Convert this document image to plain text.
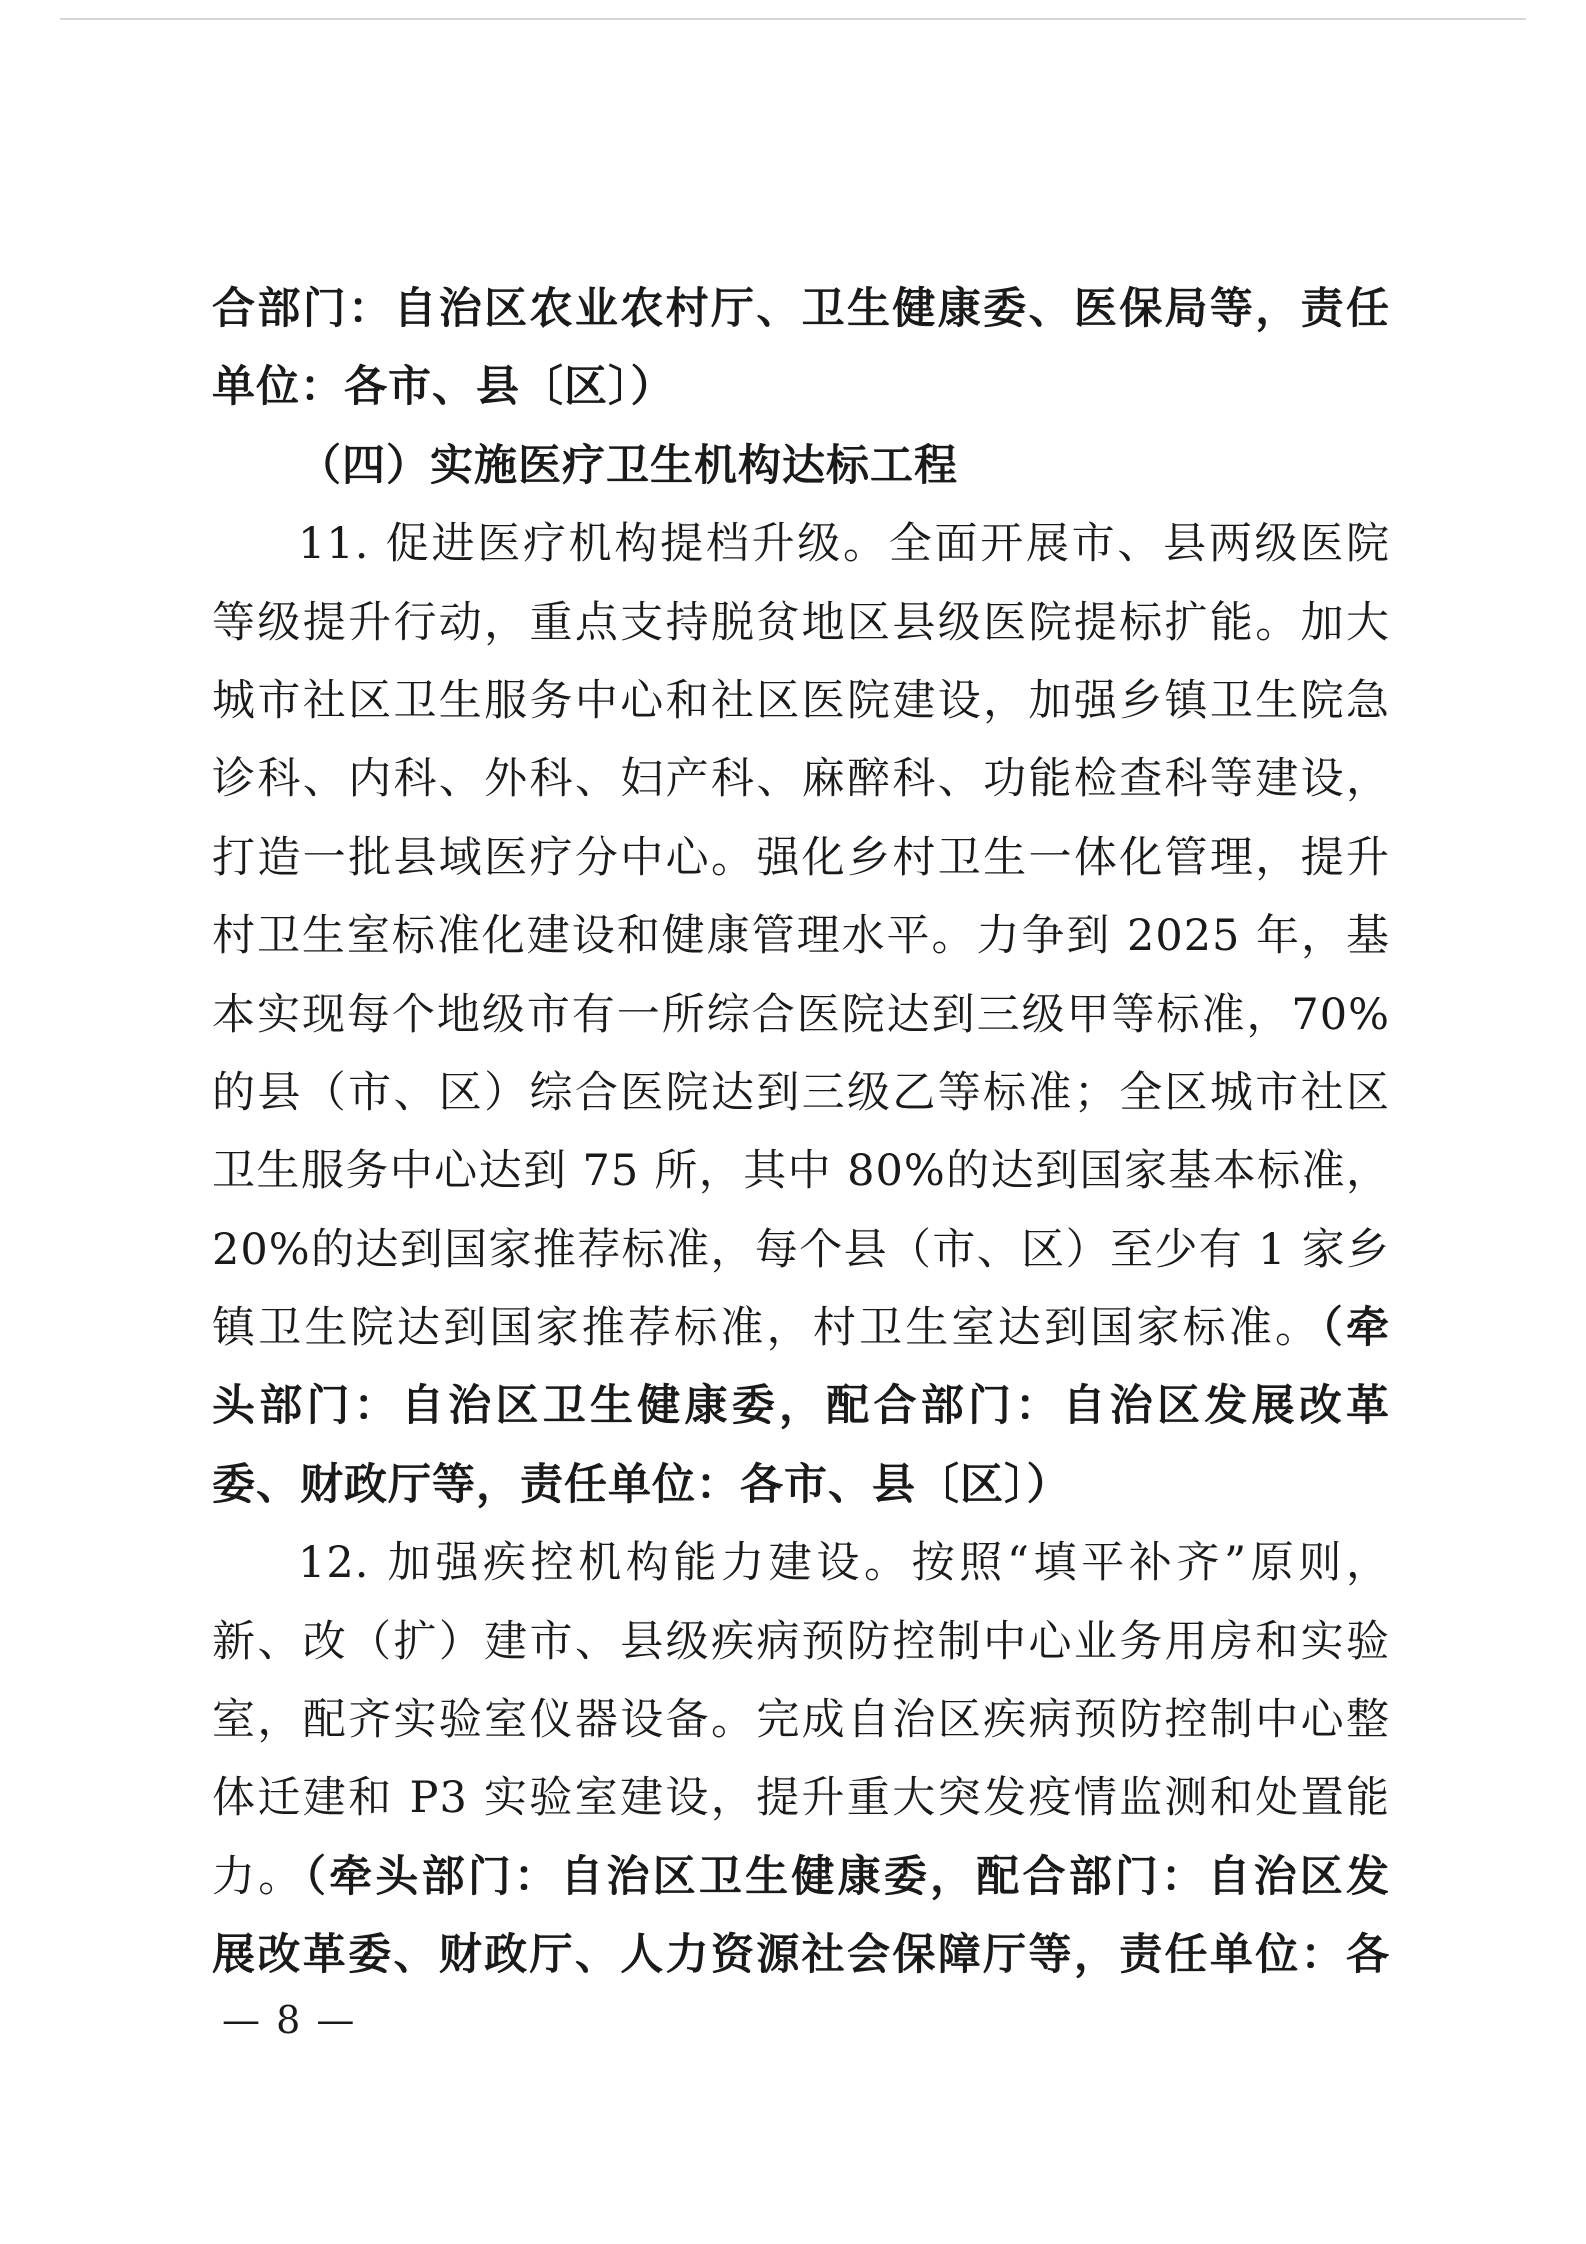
合部门：自治区农业农村厅、卫生健康委、医保局等，责任
单位：各市、县〔区〕）
（四）实施医疗卫生机构达标工程
11. 促进医疗机构提档升级。全面开展市、县两级医院
等级提升行动，重点支持脱贫地区县级医院提标扩能。加大
城市社区卫生服务中心和社区医院建设，加强乡镇卫生院急
诊科、内科、外科、妇产科、麻醉科、功能检查科等建设，
打造一批县域医疗分中心。强化乡村卫生一体化管理，提升
村卫生室标准化建设和健康管理水平。力争到 2025 年，基
本实现每个地级市有一所综合医院达到三级甲等标准，70%
的县（市、区）综合医院达到三级乙等标准；全区城市社区
卫生服务中心达到 75 所，其中 80%的达到国家基本标准，
20%的达到国家推荐标准，每个县（市、区）至少有 1 家乡
镇卫生院达到国家推荐标准，村卫生室达到国家标准。（牵
头部门：自治区卫生健康委，配合部门：自治区发展改革
委、财政厅等，责任单位：各市、县〔区〕）
12. 加强疾控机构能力建设。按照“填平补齐”原则，
新、改（扩）建市、县级疾病预防控制中心业务用房和实验
室，配齐实验室仪器设备。完成自治区疾病预防控制中心整
体迁建和 P3 实验室建设，提升重大突发疫情监测和处置能
力。（牵头部门：自治区卫生健康委，配合部门：自治区发
展改革委、财政厅、人力资源社会保障厅等，责任单位：各
— 8 —
